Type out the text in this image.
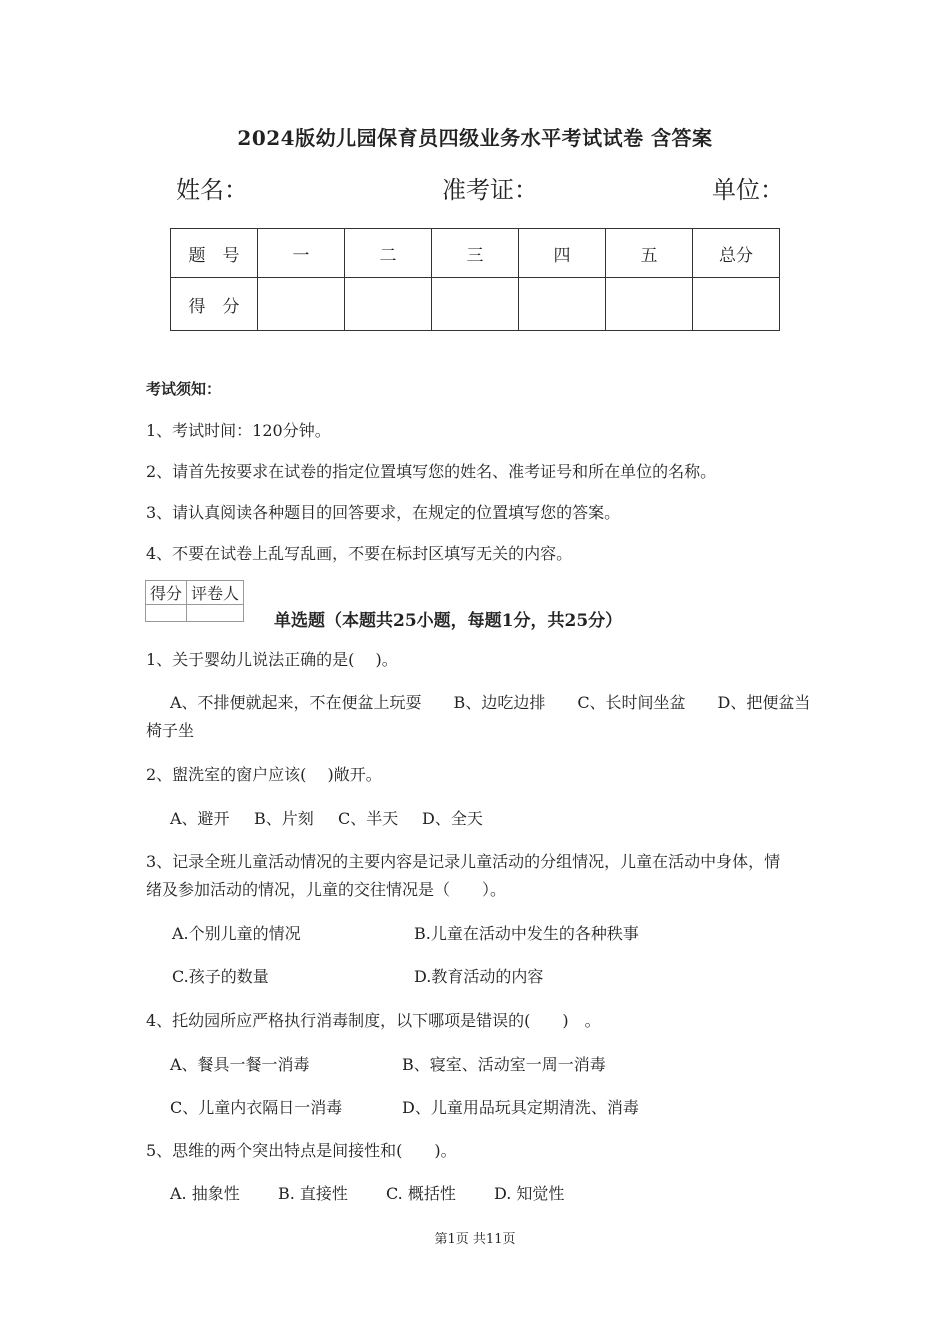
2024版幼儿园保育员四级业务水平考试试卷 含答案
姓名：	准考证：	单位：
题　号	一	二	三	四	五	总分
得　分						
考试须知：
1、考试时间：120分钟。
2、请首先按要求在试卷的指定位置填写您的姓名、准考证号和所在单位的名称。
3、请认真阅读各种题目的回答要求，在规定的位置填写您的答案。
4、不要在试卷上乱写乱画，不要在标封区填写无关的内容。
得分	评卷人

单选题（本题共25小题，每题1分，共25分）
1、关于婴幼儿说法正确的是(　 )。
A、不排便就起来，不在便盆上玩耍　　B、边吃边排　　C、长时间坐盆　　D、把便盆当
椅子坐
2、盥洗室的窗户应该(　 )敞开。
A、避开 B、片刻 C、半天 D、全天
3、记录全班儿童活动情况的主要内容是记录儿童活动的分组情况，儿童在活动中身体，情
绪及参加活动的情况，儿童的交往情况是（　　）。
A.个别儿童的情况	B.儿童在活动中发生的各种秩事
C.孩子的数量	D.教育活动的内容
4、托幼园所应严格执行消毒制度，以下哪项是错误的(　　)　。
A、餐具一餐一消毒	B、寝室、活动室一周一消毒
C、儿童内衣隔日一消毒	D、儿童用品玩具定期清洗、消毒
5、思维的两个突出特点是间接性和(　　)。
A. 抽象性 B. 直接性 C. 概括性 D. 知觉性
第1页 共11页
